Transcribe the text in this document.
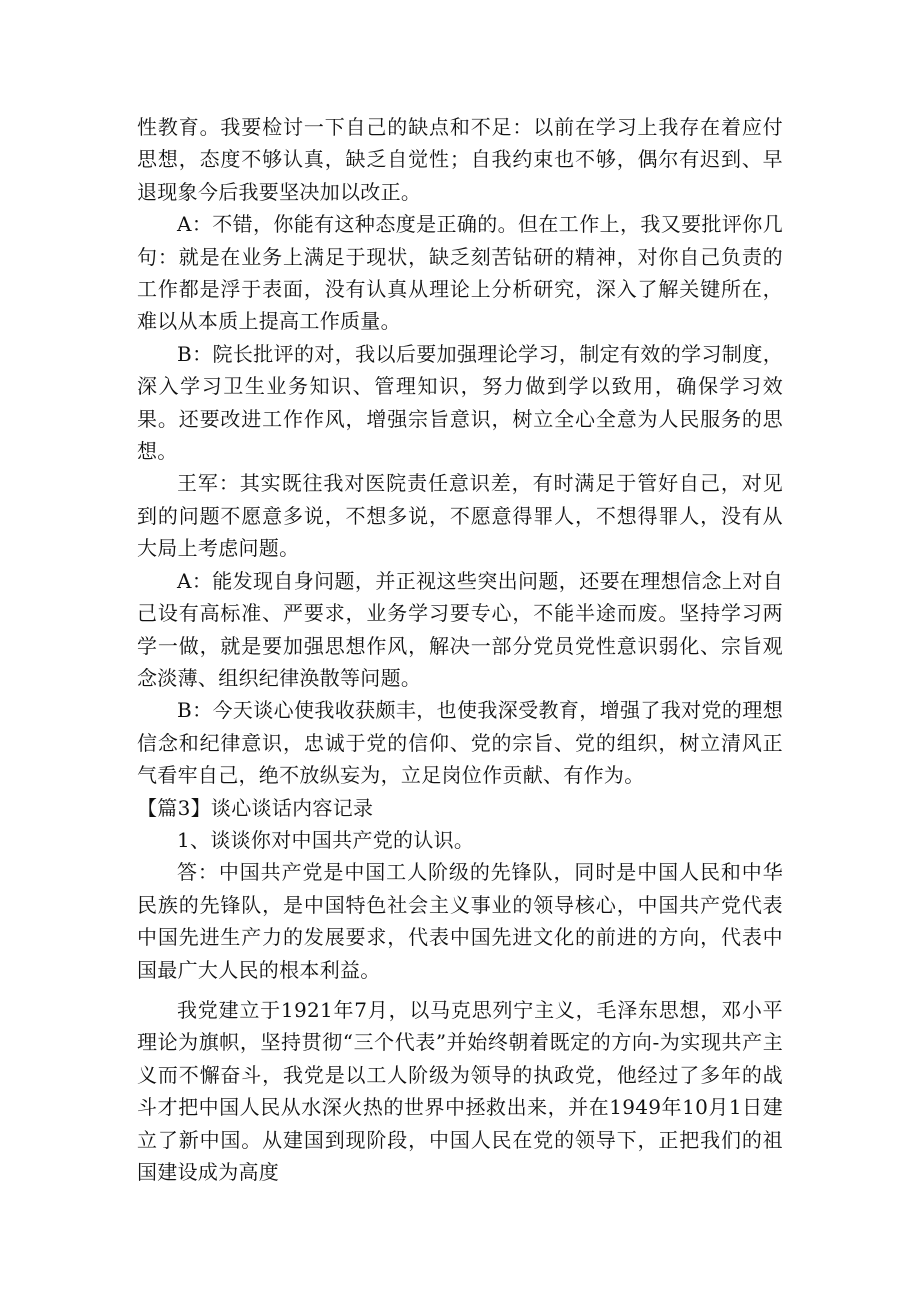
性教育。我要检讨一下自己的缺点和不足：以前在学习上我存在着应付思想，态度不够认真，缺乏自觉性；自我约束也不够，偶尔有迟到、早退现象今后我要坚决加以改正。

A：不错，你能有这种态度是正确的。但在工作上，我又要批评你几句：就是在业务上满足于现状，缺乏刻苦钻研的精神，对你自己负责的工作都是浮于表面，没有认真从理论上分析研究，深入了解关键所在，难以从本质上提高工作质量。

B：院长批评的对，我以后要加强理论学习，制定有效的学习制度，深入学习卫生业务知识、管理知识，努力做到学以致用，确保学习效果。还要改进工作作风，增强宗旨意识，树立全心全意为人民服务的思想。

王军：其实既往我对医院责任意识差，有时满足于管好自己，对见到的问题不愿意多说，不想多说，不愿意得罪人，不想得罪人，没有从大局上考虑问题。

A：能发现自身问题，并正视这些突出问题，还要在理想信念上对自己设有高标准、严要求，业务学习要专心，不能半途而废。坚持学习两学一做，就是要加强思想作风，解决一部分党员党性意识弱化、宗旨观念淡薄、组织纪律涣散等问题。

B：今天谈心使我收获颇丰，也使我深受教育，增强了我对党的理想信念和纪律意识，忠诚于党的信仰、党的宗旨、党的组织，树立清风正气看牢自己，绝不放纵妄为，立足岗位作贡献、有作为。

【篇3】谈心谈话内容记录

1、谈谈你对中国共产党的认识。

答：中国共产党是中国工人阶级的先锋队，同时是中国人民和中华民族的先锋队，是中国特色社会主义事业的领导核心，中国共产党代表中国先进生产力的发展要求，代表中国先进文化的前进的方向，代表中国最广大人民的根本利益。

我党建立于1921年7月，以马克思列宁主义，毛泽东思想，邓小平理论为旗帜，坚持贯彻“三个代表”并始终朝着既定的方向-为实现共产主义而不懈奋斗，我党是以工人阶级为领导的执政党，他经过了多年的战斗才把中国人民从水深火热的世界中拯救出来，并在1949年10月1日建立了新中国。从建国到现阶段，中国人民在党的领导下，正把我们的祖国建设成为高度
